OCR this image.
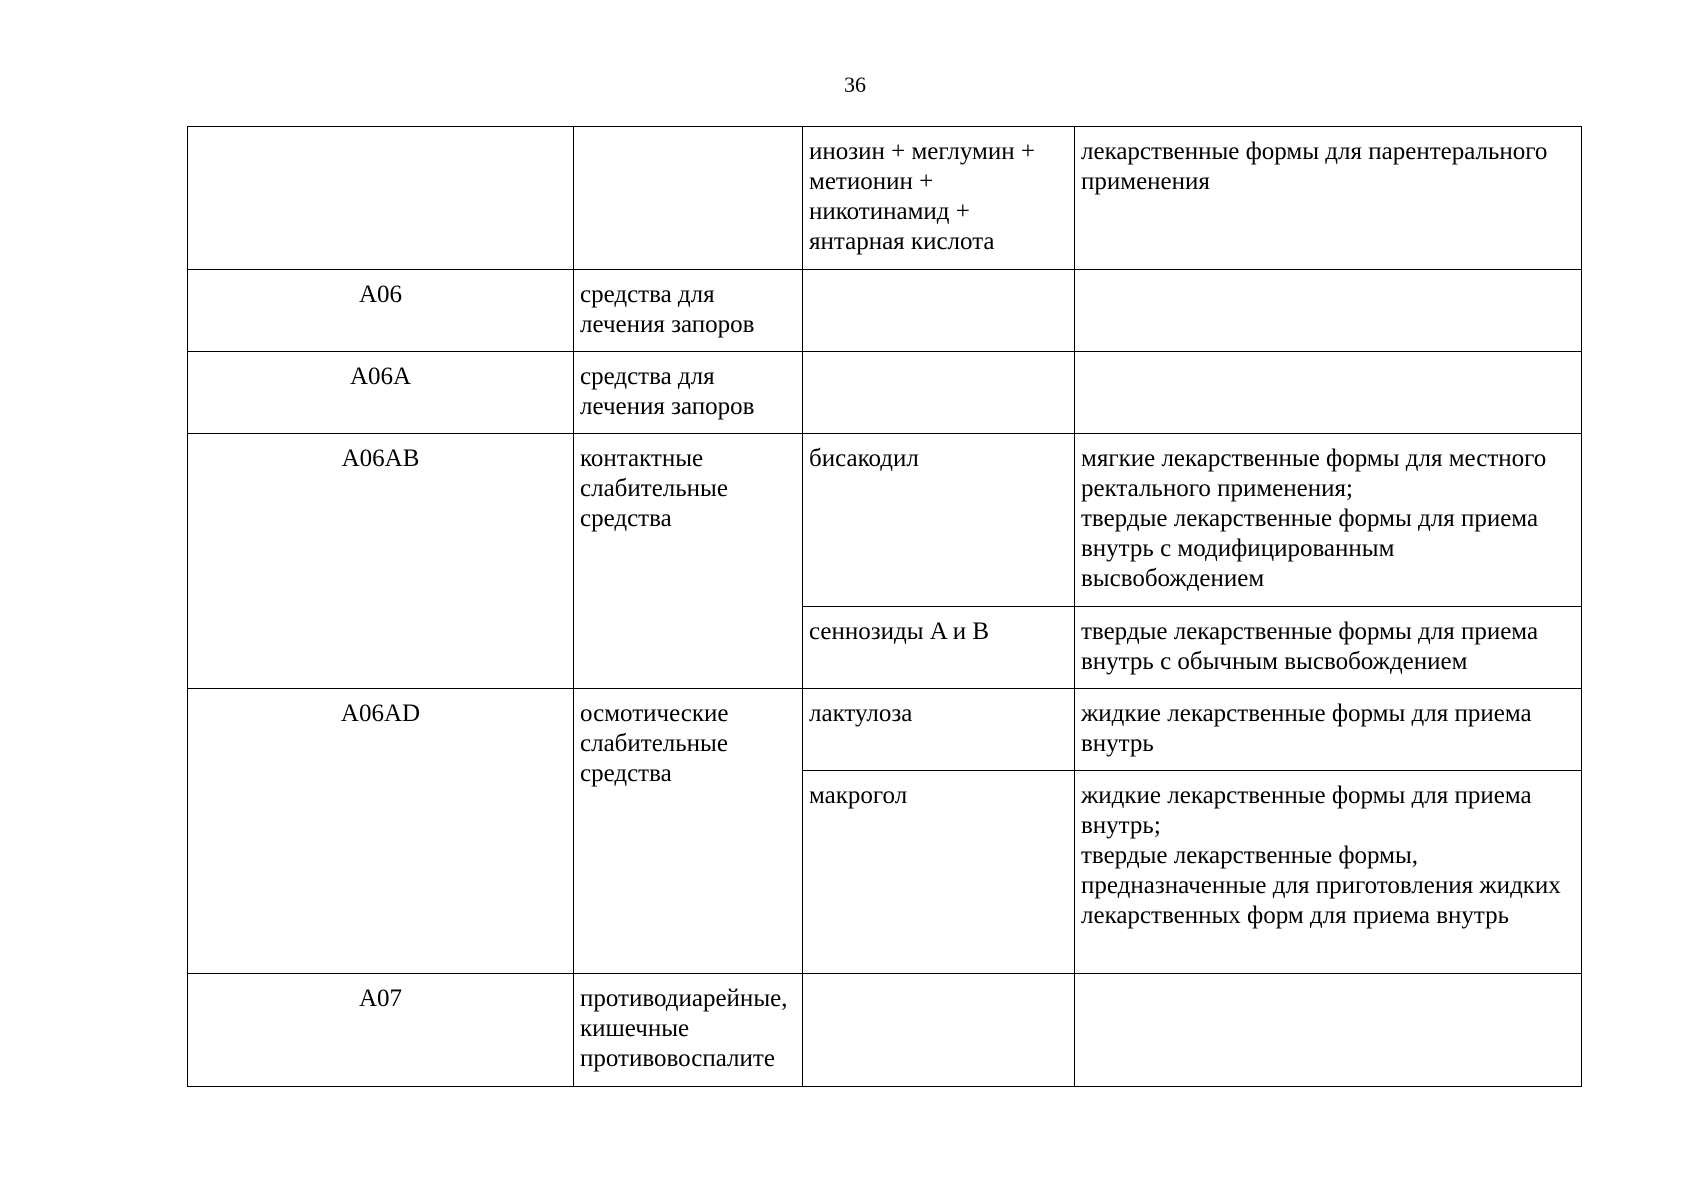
36
		инозин + меглумин + метионин + никотинамид + янтарная кислота	лекарственные формы для парентерального применения
A06	средства для лечения запоров		
A06A	средства для лечения запоров		
A06AB	контактные слабительные средства	бисакодил	мягкие лекарственные формы для местного ректального применения;
твердые лекарственные формы для приема внутрь с модифицированным высвобождением

		сеннозиды A и B	твердые лекарственные формы для приема внутрь с обычным высвобождением
A06AD	осмотические слабительные средства	лактулоза	жидкие лекарственные формы для приема внутрь
		макрогол	жидкие лекарственные формы для приема внутрь;
твердые лекарственные формы, предназначенные для приготовления жидких лекарственных форм для приема внутрь

A07	противодиарейные, кишечные противовоспалите		
